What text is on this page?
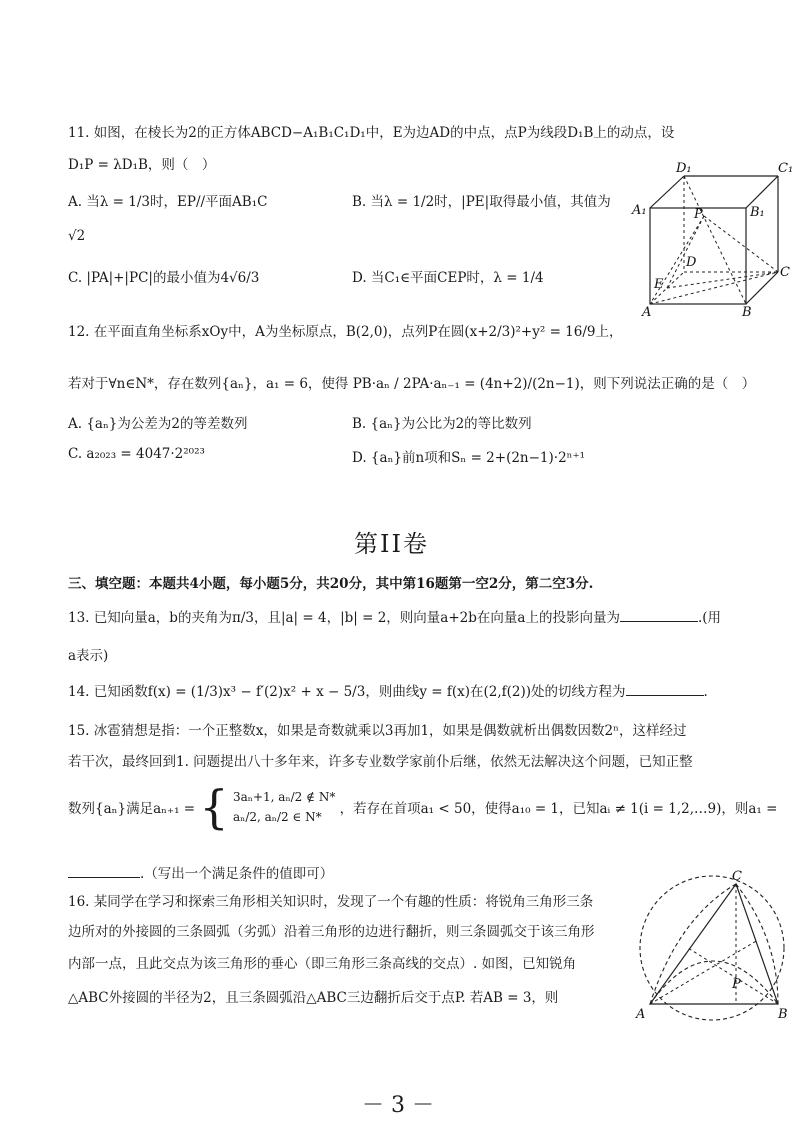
11. 如图，在棱长为2的正方体ABCD−A₁B₁C₁D₁中，E为边AD的中点，点P为线段D₁B上的动点，设
D₁P = λD₁B，则（　）
A. 当λ = 1/3时，EP//平面AB₁C	B. 当λ = 1/2时，|PE|取得最小值，其值为
√2
C. |PA|+|PC|的最小值为4√6/3	D. 当C₁∈平面CEP时，λ = 1/4
D₁	C₁
A₁	B₁
P
D
C
E
A	B
12. 在平面直角坐标系xOy中，A为坐标原点，B(2,0)，点列P在圆(x+2/3)²+y² = 16/9上，
若对于∀n∈N*，存在数列{aₙ}，a₁ = 6，使得 PB·aₙ / 2PA·aₙ₋₁ = (4n+2)/(2n−1)，则下列说法正确的是（　）
A. {aₙ}为公差为2的等差数列	B. {aₙ}为公比为2的等比数列
C. a₂₀₂₃ = 4047·2²⁰²³	D. {aₙ}前n项和Sₙ = 2+(2n−1)·2ⁿ⁺¹
第II卷
三、填空题：本题共4小题，每小题5分，共20分，其中第16题第一空2分，第二空3分.
13. 已知向量a，b的夹角为π/3，且|a| = 4，|b| = 2，则向量a+2b在向量a上的投影向量为	.(用
a表示)
14. 已知函数f(x) = (1/3)x³ − f′(2)x² + x − 5/3，则曲线y = f(x)在(2,f(2))处的切线方程为	.
15. 冰雹猜想是指：一个正整数x，如果是奇数就乘以3再加1，如果是偶数就析出偶数因数2ⁿ，这样经过
若干次，最终回到1. 问题提出八十多年来，许多专业数学家前仆后继，依然无法解决这个问题，已知正整
数列{aₙ}满足aₙ₊₁ = { 3aₙ+1, aₙ/2 ∉ N*
aₙ/2, aₙ/2 ∈ N*	，若存在首项a₁ < 50，使得a₁₀ = 1，已知aᵢ ≠ 1(i = 1,2,…9)，则a₁ =
.（写出一个满足条件的值即可）
16. 某同学在学习和探索三角形相关知识时，发现了一个有趣的性质：将锐角三角形三条
边所对的外接圆的三条圆弧（劣弧）沿着三角形的边进行翻折，则三条圆弧交于该三角形
内部一点，且此交点为该三角形的垂心（即三角形三条高线的交点）. 如图，已知锐角
△ABC外接圆的半径为2，且三条圆弧沿△ABC三边翻折后交于点P. 若AB = 3，则
C
A	B
P
－ 3 －
